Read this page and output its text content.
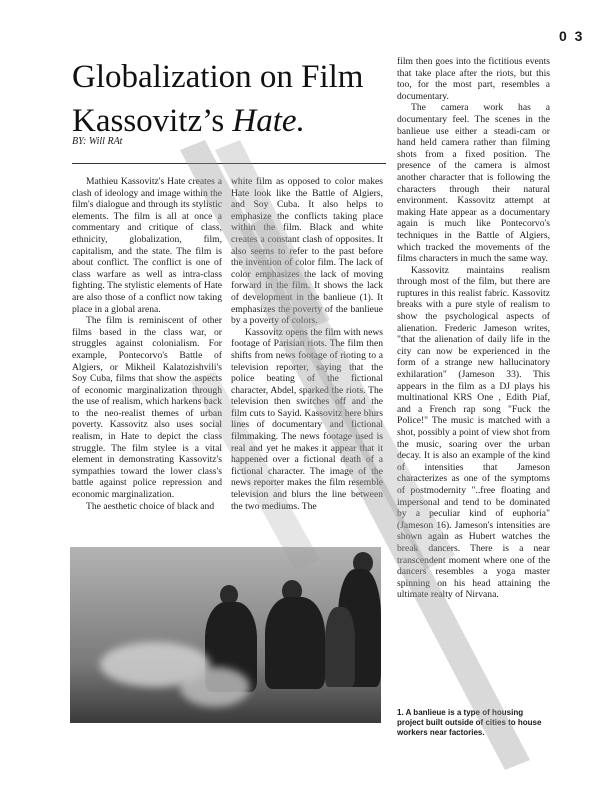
0 3
Globalization on Film
Kassovitz’s Hate.
BY: Will RAt

Mathieu Kassovitz's Hate creates a clash of ideology and image within the film's dialogue and through its stylistic elements. The film is all at once a commentary and critique of class, ethnicity, globalization, film, capitalism, and the state. The film is about conflict. The conflict is one of class warfare as well as intra-class fighting. The stylistic elements of Hate are also those of a conflict now taking place in a global arena.

The film is reminiscent of other films based in the class war, or struggles against colonialism. For example, Pontecorvo's Battle of Algiers, or Mikheil Kalatozishvili's Soy Cuba, films that show the aspects of economic marginalization through the use of realism, which harkens back to the neo-realist themes of urban poverty. Kassovitz also uses social realism, in Hate to depict the class struggle. The film stylee is a vital element in demonstrating Kassovitz's sympathies toward the lower class's battle against police repression and economic marginalization.

The aesthetic choice of black and

white film as opposed to color makes Hate look like the Battle of Algiers, and Soy Cuba. It also helps to emphasize the conflicts taking place within the film. Black and white creates a constant clash of opposites. It also seems to refer to the past before the invention of color film. The lack of color emphasizes the lack of moving forward in the film. It shows the lack of development in the banlieue (1). It emphasizes the poverty of the banlieue by a poverty of colors.

Kassovitz opens the film with news footage of Parisian riots. The film then shifts from news footage of rioting to a television reporter, saying that the police beating of the fictional character, Abdel, sparked the riots. The television then switches off and the film cuts to Sayid. Kassovitz here blurs lines of documentary and fictional filmmaking. The news footage used is real and yet he makes it appear that it happened over a fictional death of a fictional character. The image of the news reporter makes the film resemble television and blurs the line between the two mediums. The

film then goes into the fictitious events that take place after the riots, but this too, for the most part, resembles a documentary.

The camera work has a documentary feel. The scenes in the banlieue use either a steadi-cam or hand held camera rather than filming shots from a fixed position. The presence of the camera is almost another character that is following the characters through their natural environment. Kassovitz attempt at making Hate appear as a documentary again is much like Pontecorvo's techniques in the Battle of Algiers, which tracked the movements of the films characters in much the same way.

Kassovitz maintains realism through most of the film, but there are ruptures in this realist fabric. Kassovitz breaks with a pure style of realism to show the psychological aspects of alienation. Frederic Jameson writes, "that the alienation of daily life in the city can now be experienced in the form of a strange new hallucinatory exhilaration" (Jameson 33). This appears in the film as a DJ plays his multinational KRS One , Edith Piaf, and a French rap song "Fuck the Police!" The music is matched with a shot, possibly a point of view shot from the music, soaring over the urban decay. It is also an example of the kind of intensities that Jameson characterizes as one of the symptoms of postmodernity "..free floating and impersonal and tend to be dominated by a peculiar kind of euphoria" (Jameson 16). Jameson's intensities are shown again as Hubert watches the break dancers. There is a near transcendent moment where one of the dancers resembles a yoga master spinning on his head attaining the ultimate realty of Nirvana.

1. A banlieue is a type of housing project built outside of cities to house workers near factories.
